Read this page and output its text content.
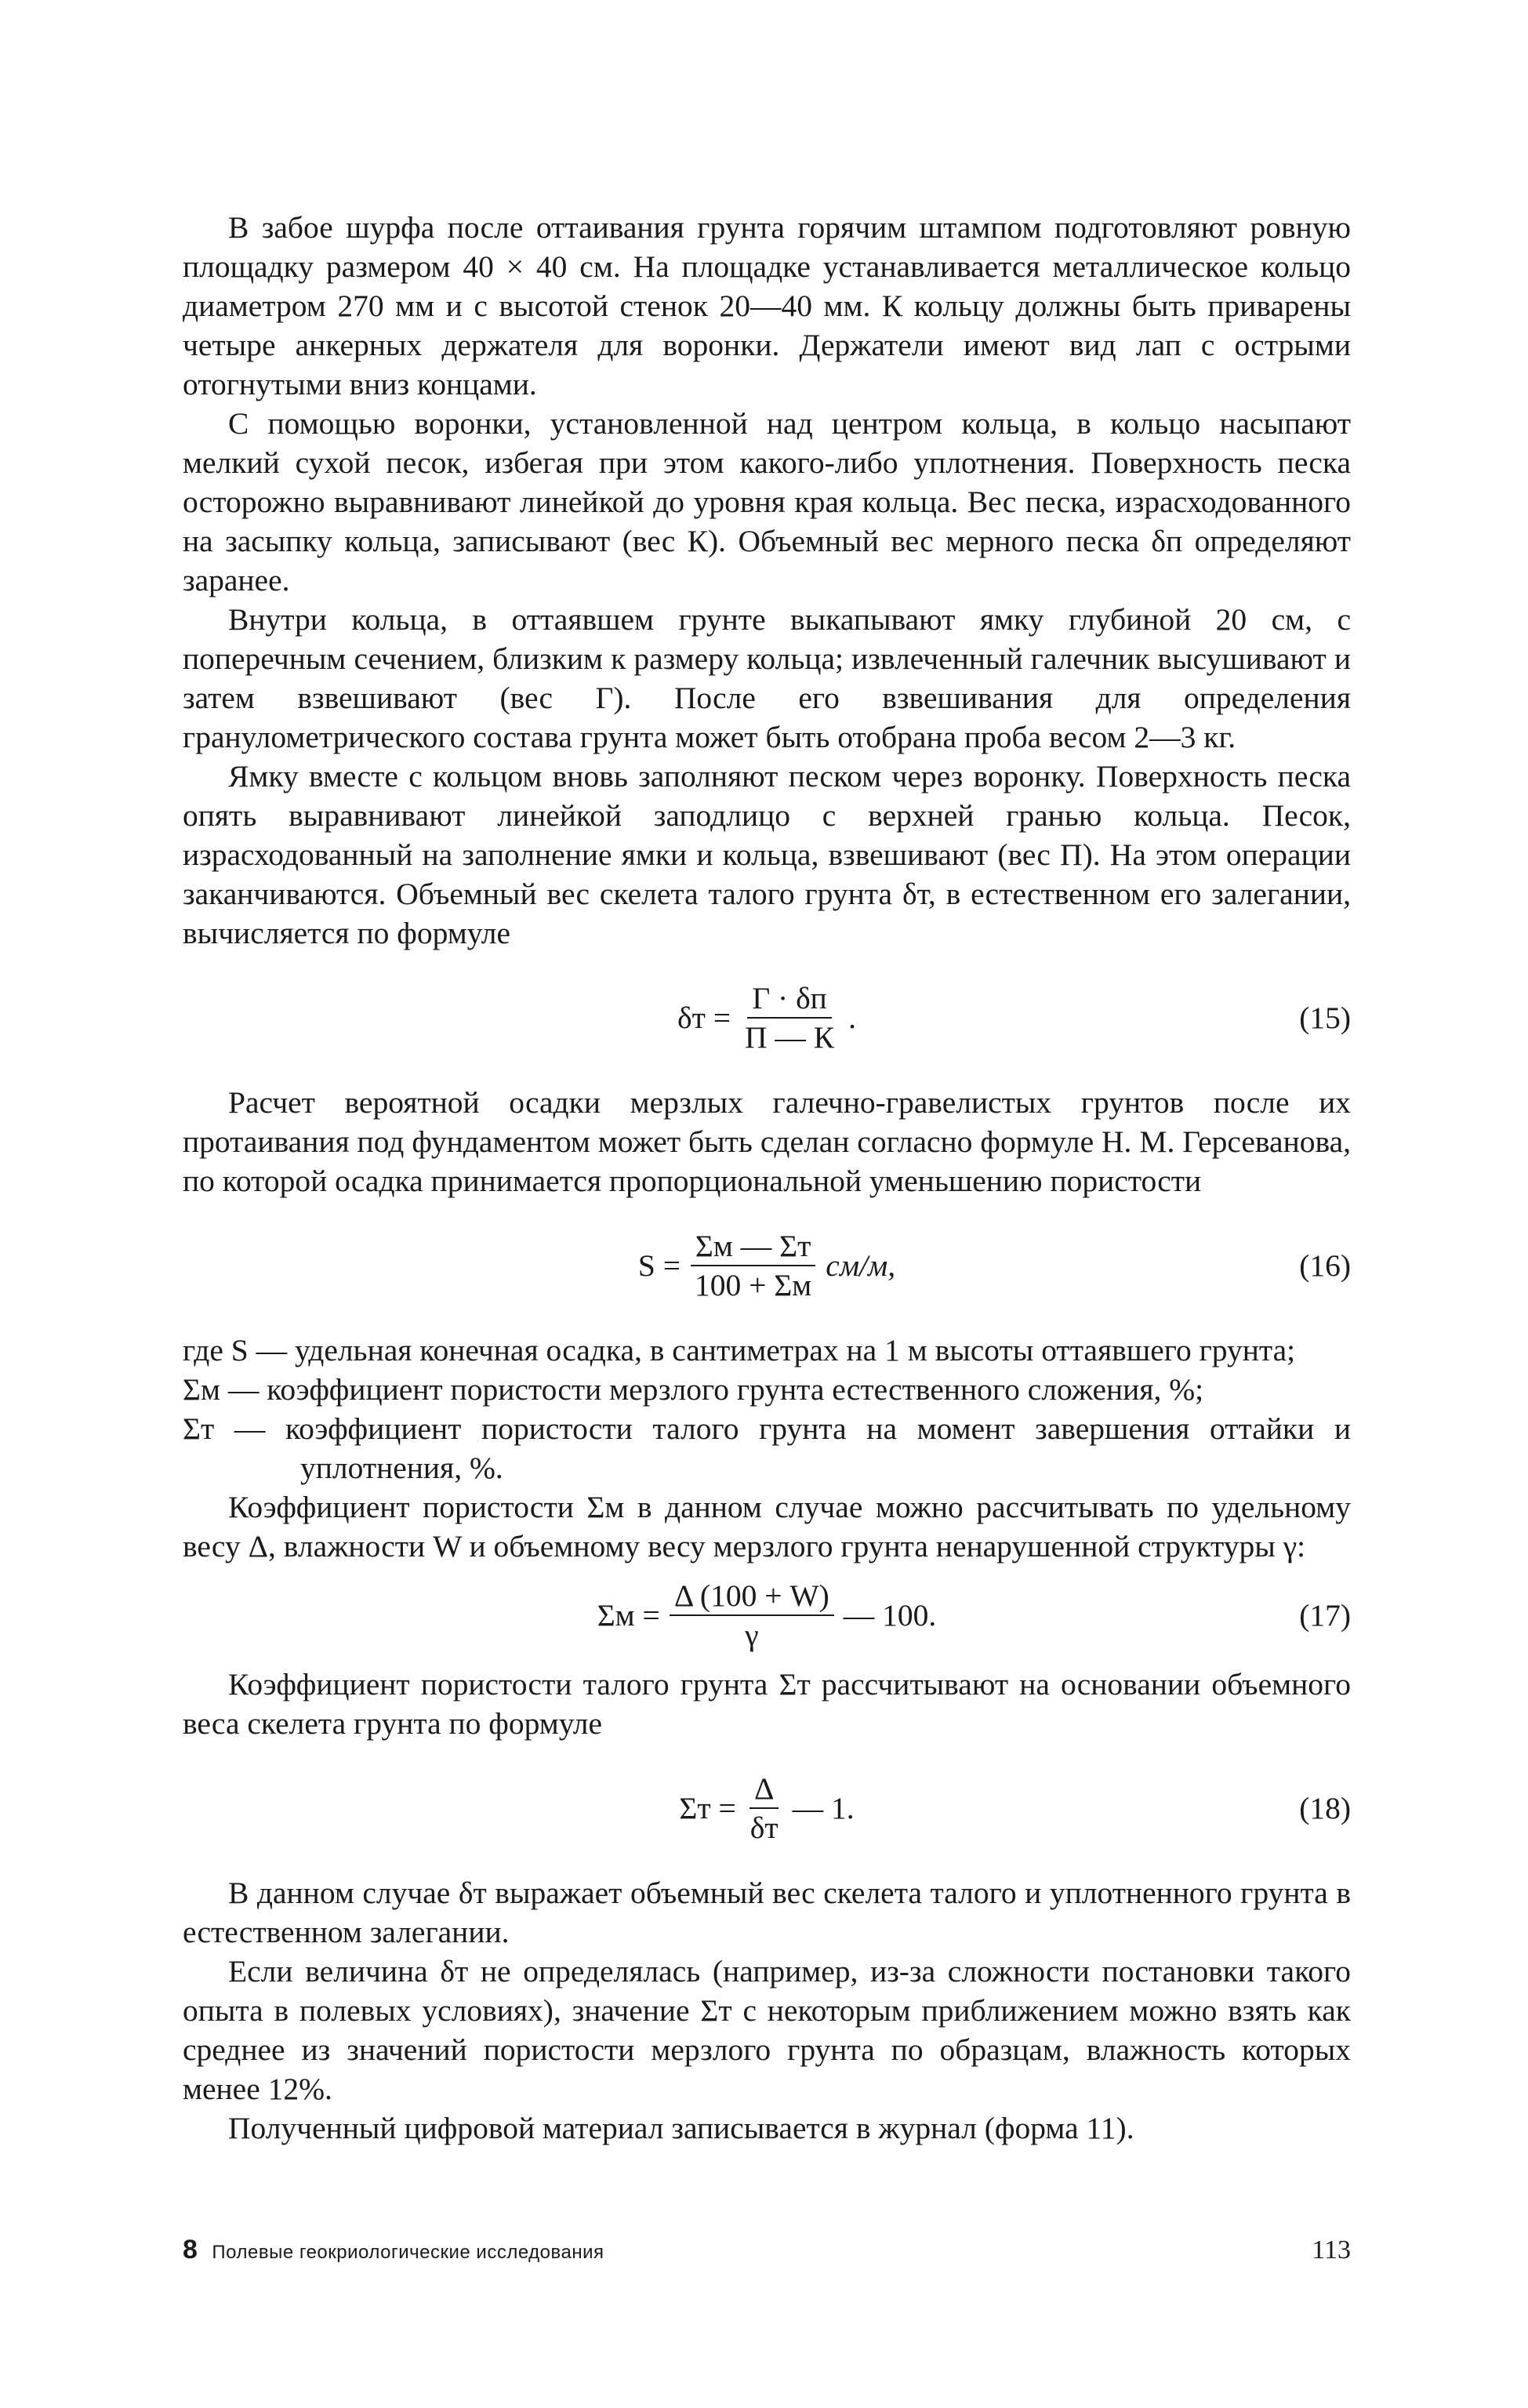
В забое шурфа после оттаивания грунта горячим штампом подготовляют ровную площадку размером 40 × 40 см. На площадке устанавливается металлическое кольцо диаметром 270 мм и с высотой стенок 20—40 мм. К кольцу должны быть приварены четыре анкерных держателя для воронки. Держатели имеют вид лап с острыми отогнутыми вниз концами.

С помощью воронки, установленной над центром кольца, в кольцо насыпают мелкий сухой песок, избегая при этом какого-либо уплотнения. Поверхность песка осторожно выравнивают линейкой до уровня края кольца. Вес песка, израсходованного на засыпку кольца, записывают (вес К). Объемный вес мерного песка δп определяют заранее.

Внутри кольца, в оттаявшем грунте выкапывают ямку глубиной 20 см, с поперечным сечением, близким к размеру кольца; извлеченный галечник высушивают и затем взвешивают (вес Г). После его взвешивания для определения гранулометрического состава грунта может быть отобрана проба весом 2—3 кг.

Ямку вместе с кольцом вновь заполняют песком через воронку. Поверхность песка опять выравнивают линейкой заподлицо с верхней гранью кольца. Песок, израсходованный на заполнение ямки и кольца, взвешивают (вес П). На этом операции заканчиваются. Объемный вес скелета талого грунта δт, в естественном его залегании, вычисляется по формуле

$\delta т = \frac{Г \cdot \delta п}{П — К}$ .	(15)

Расчет вероятной осадки мерзлых галечно-гравелистых грунтов после их протаивания под фундаментом может быть сделан согласно формуле Н. М. Герсеванова, по которой осадка принимается пропорциональной уменьшению пористости

$S = \frac{\Sigma м — \Sigma т}{100 + \Sigma м} см/м$,	(16)
где S — удельная конечная осадка, в сантиметрах на 1 м высоты оттаявшего грунта;
Σм — коэффициент пористости мерзлого грунта естественного сложения, %;
Σт — коэффициент пористости талого грунта на момент завершения оттайки и уплотнения, %.

Коэффициент пористости Σм в данном случае можно рассчитывать по удельному весу Δ, влажности W и объемному весу мерзлого грунта ненарушенной структуры γ:

$\Sigma м = \frac{\Delta (100 + W)}{\gamma}$ — 100.	(17)

Коэффициент пористости талого грунта Σт рассчитывают на основании объемного веса скелета грунта по формуле

$\Sigma т = \frac{\Delta}{\delta т}$ — 1.	(18)

В данном случае δт выражает объемный вес скелета талого и уплотненного грунта в естественном залегании.

Если величина δт не определялась (например, из-за сложности постановки такого опыта в полевых условиях), значение Σт с некоторым приближением можно взять как среднее из значений пористости мерзлого грунта по образцам, влажность которых менее 12%.

Полученный цифровой материал записывается в журнал (форма 11).

8 Полевые геокриологические исследования	113
